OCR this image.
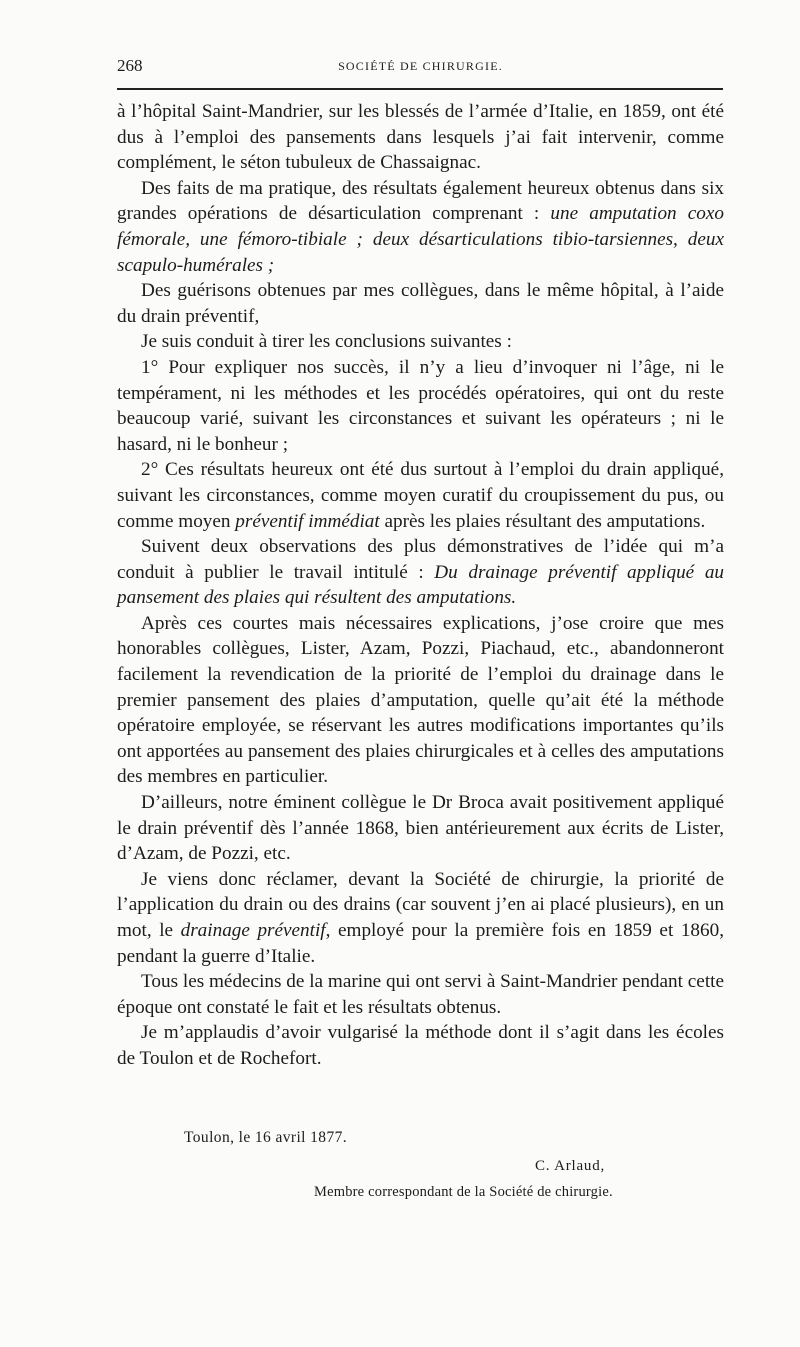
268	SOCIÉTÉ DE CHIRURGIE.

à l’hôpital Saint-Mandrier, sur les blessés de l’armée d’Italie, en 1859, ont été dus à l’emploi des pansements dans lesquels j’ai fait intervenir, comme complément, le séton tubuleux de Chassaignac.

Des faits de ma pratique, des résultats également heureux obtenus dans six grandes opérations de désarticulation comprenant : une amputation coxo fémorale, une fémoro-tibiale ; deux désarticulations tibio-tarsiennes, deux scapulo-humérales ;

Des guérisons obtenues par mes collègues, dans le même hôpital, à l’aide du drain préventif,

Je suis conduit à tirer les conclusions suivantes :

1° Pour expliquer nos succès, il n’y a lieu d’invoquer ni l’âge, ni le tempérament, ni les méthodes et les procédés opératoires, qui ont du reste beaucoup varié, suivant les circonstances et suivant les opérateurs ; ni le hasard, ni le bonheur ;

2° Ces résultats heureux ont été dus surtout à l’emploi du drain appliqué, suivant les circonstances, comme moyen curatif du croupissement du pus, ou comme moyen préventif immédiat après les plaies résultant des amputations.

Suivent deux observations des plus démonstratives de l’idée qui m’a conduit à publier le travail intitulé : Du drainage préventif appliqué au pansement des plaies qui résultent des amputations.

Après ces courtes mais nécessaires explications, j’ose croire que mes honorables collègues, Lister, Azam, Pozzi, Piachaud, etc., abandonneront facilement la revendication de la priorité de l’emploi du drainage dans le premier pansement des plaies d’amputation, quelle qu’ait été la méthode opératoire employée, se réservant les autres modifications importantes qu’ils ont apportées au pansement des plaies chirurgicales et à celles des amputations des membres en particulier.

D’ailleurs, notre éminent collègue le Dr Broca avait positivement appliqué le drain préventif dès l’année 1868, bien antérieurement aux écrits de Lister, d’Azam, de Pozzi, etc.

Je viens donc réclamer, devant la Société de chirurgie, la priorité de l’application du drain ou des drains (car souvent j’en ai placé plusieurs), en un mot, le drainage préventif, employé pour la première fois en 1859 et 1860, pendant la guerre d’Italie.

Tous les médecins de la marine qui ont servi à Saint-Mandrier pendant cette époque ont constaté le fait et les résultats obtenus.

Je m’applaudis d’avoir vulgarisé la méthode dont il s’agit dans les écoles de Toulon et de Rochefort.

Toulon, le 16 avril 1877.
C. Arlaud,
Membre correspondant de la Société de chirurgie.
